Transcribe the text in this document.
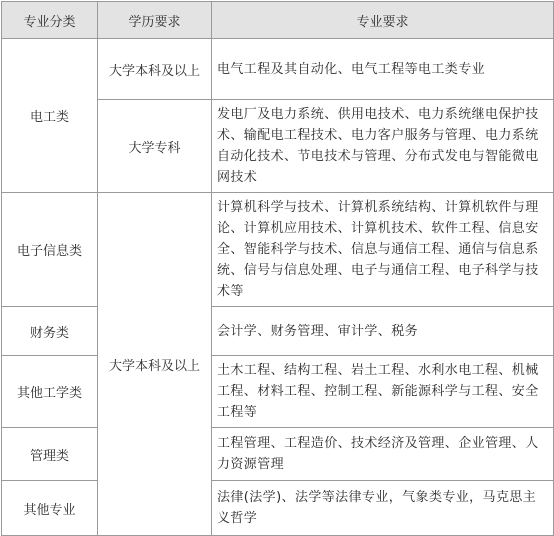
专业分类	学历要求	专业要求
电工类	大学本科及以上	电气工程及其自动化、电气工程等电工类专业
	大学专科	发电厂及电力系统、供用电技术、电力系统继电保护技术、输配电工程技术、电力客户服务与管理、电力系统自动化技术、节电技术与管理、分布式发电与智能微电网技术
电子信息类	大学本科及以上	计算机科学与技术、计算机系统结构、计算机软件与理论、计算机应用技术、计算机技术、软件工程、信息安全、智能科学与技术、信息与通信工程、通信与信息系统、信号与信息处理、电子与通信工程、电子科学与技术等
财务类		会计学、财务管理、审计学、税务
其他工学类		土木工程、结构工程、岩土工程、水利水电工程、机械工程、材料工程、控制工程、新能源科学与工程、安全工程等
管理类		工程管理、工程造价、技术经济及管理、企业管理、人力资源管理
其他专业		法律(法学)、法学等法律专业，气象类专业，马克思主义哲学
